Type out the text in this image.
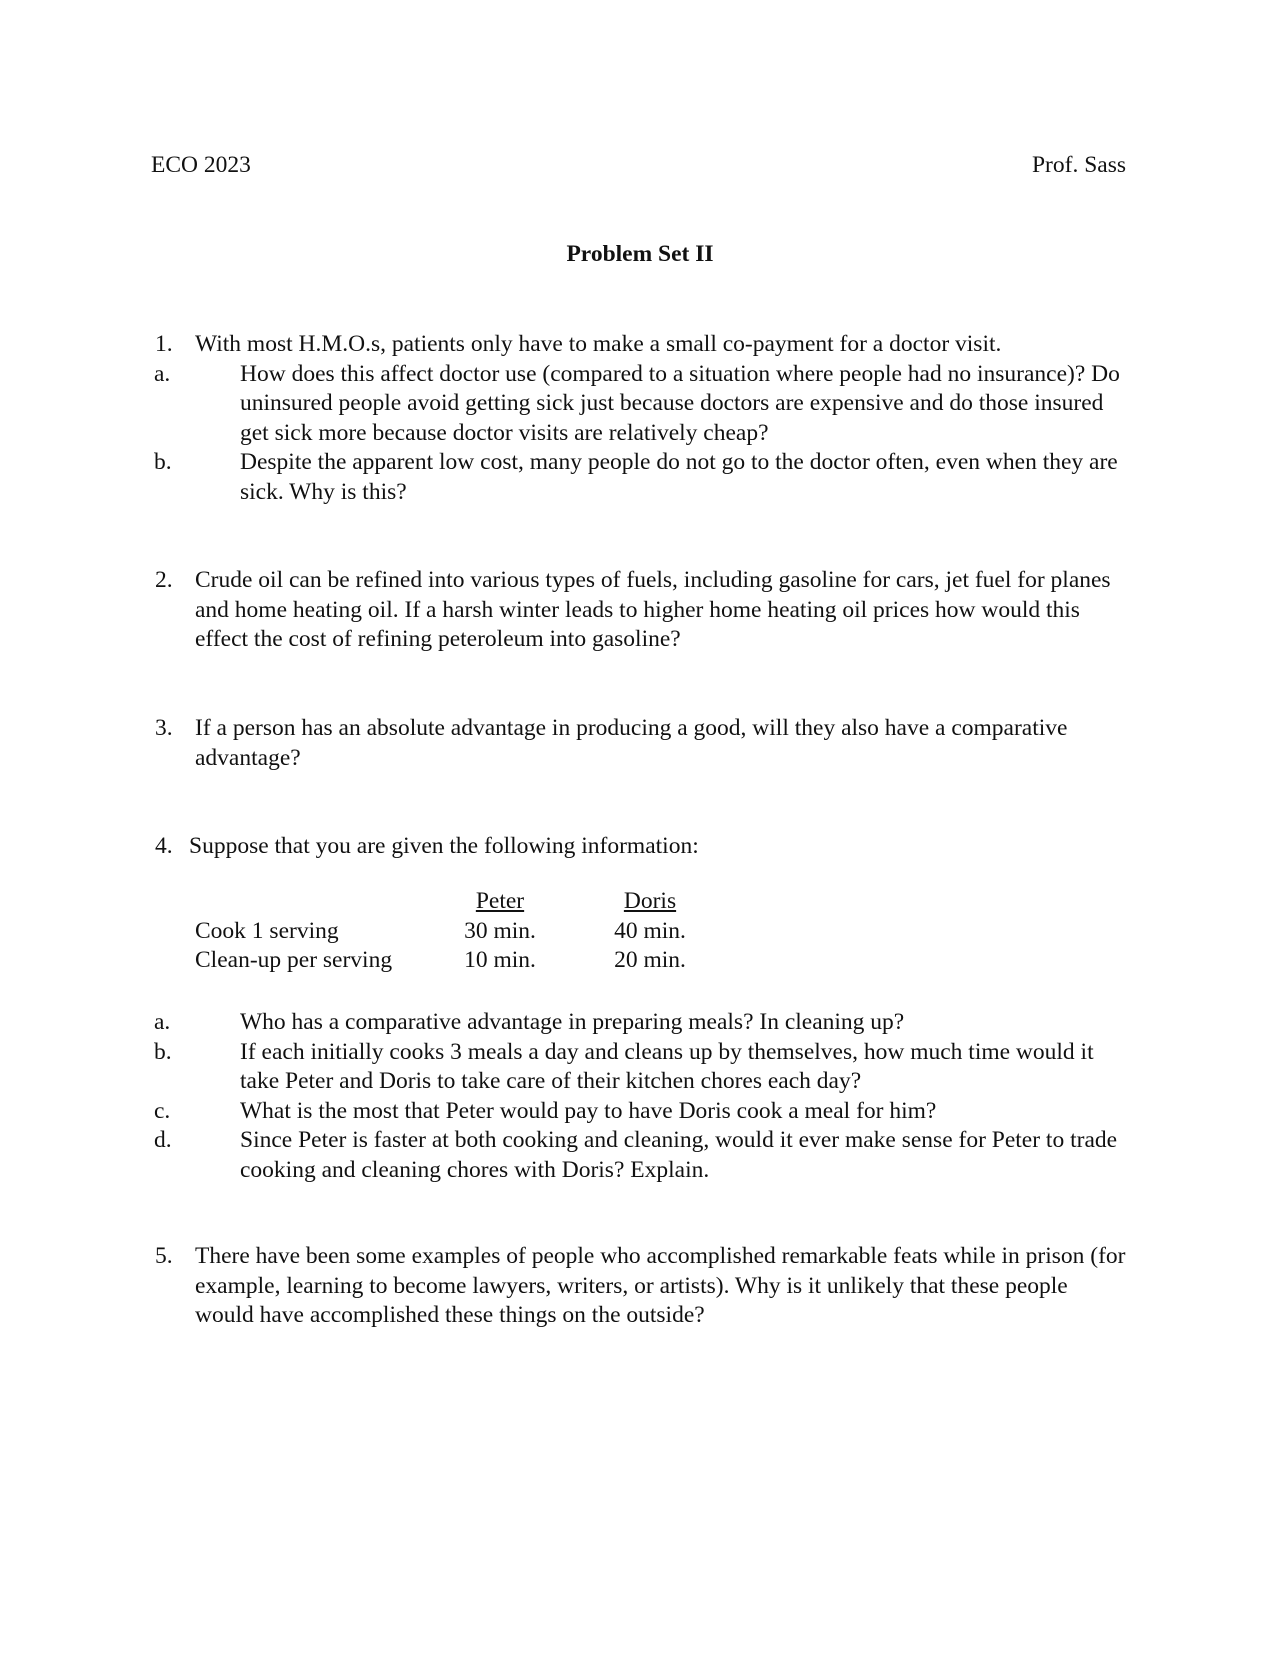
ECO 2023	Prof. Sass
Problem Set II
1. With most H.M.O.s, patients only have to make a small co-payment for a doctor visit.
a.	How does this affect doctor use (compared to a situation where people had no insurance)? Do uninsured people avoid getting sick just because doctors are expensive and do those insured get sick more because doctor visits are relatively cheap?
b.	Despite the apparent low cost, many people do not go to the doctor often, even when they are sick. Why is this?
2. Crude oil can be refined into various types of fuels, including gasoline for cars, jet fuel for planes and home heating oil. If a harsh winter leads to higher home heating oil prices how would this effect the cost of refining peteroleum into gasoline?
3. If a person has an absolute advantage in producing a good, will they also have a comparative advantage?
4. Suppose that you are given the following information:
Peter	Doris
Cook 1 serving	30 min.	40 min.
Clean-up per serving	10 min.	20 min.
a.	Who has a comparative advantage in preparing meals? In cleaning up?
b.	If each initially cooks 3 meals a day and cleans up by themselves, how much time would it take Peter and Doris to take care of their kitchen chores each day?
c.	What is the most that Peter would pay to have Doris cook a meal for him?
d.	Since Peter is faster at both cooking and cleaning, would it ever make sense for Peter to trade cooking and cleaning chores with Doris? Explain.
5. There have been some examples of people who accomplished remarkable feats while in prison (for example, learning to become lawyers, writers, or artists). Why is it unlikely that these people would have accomplished these things on the outside?
